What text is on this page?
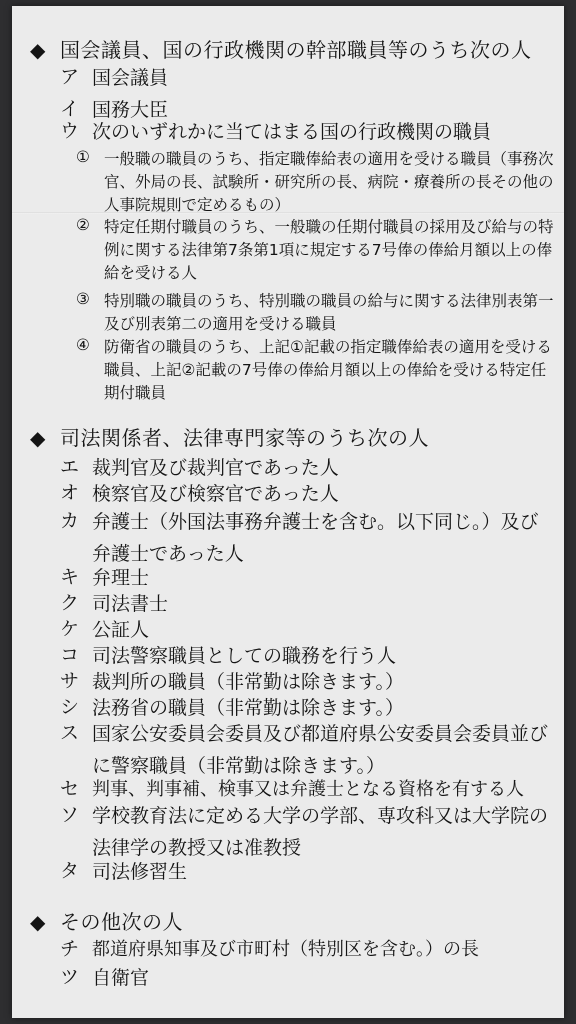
◆ 国会議員、国の行政機関の幹部職員等のうち次の人
ア 国会議員
イ 国務大臣
ウ 次のいずれかに当てはまる国の行政機関の職員
① 一般職の職員のうち、指定職俸給表の適用を受ける職員（事務次官、外局の長、試験所・研究所の長、病院・療養所の長その他の人事院規則で定めるもの）
② 特定任期付職員のうち、一般職の任期付職員の採用及び給与の特例に関する法律第7条第1項に規定する7号俸の俸給月額以上の俸給を受ける人
③ 特別職の職員のうち、特別職の職員の給与に関する法律別表第一及び別表第二の適用を受ける職員
④ 防衛省の職員のうち、上記①記載の指定職俸給表の適用を受ける職員、上記②記載の7号俸の俸給月額以上の俸給を受ける特定任期付職員
◆ 司法関係者、法律専門家等のうち次の人
エ 裁判官及び裁判官であった人
オ 検察官及び検察官であった人
カ 弁護士（外国法事務弁護士を含む。以下同じ。）及び弁護士であった人
キ 弁理士
ク 司法書士
ケ 公証人
コ 司法警察職員としての職務を行う人
サ 裁判所の職員（非常勤は除きます。）
シ 法務省の職員（非常勤は除きます。）
ス 国家公安委員会委員及び都道府県公安委員会委員並びに警察職員（非常勤は除きます。）
セ 判事、判事補、検事又は弁護士となる資格を有する人
ソ 学校教育法に定める大学の学部、専攻科又は大学院の法律学の教授又は准教授
タ 司法修習生
◆ その他次の人
チ 都道府県知事及び市町村（特別区を含む。）の長
ツ 自衛官
